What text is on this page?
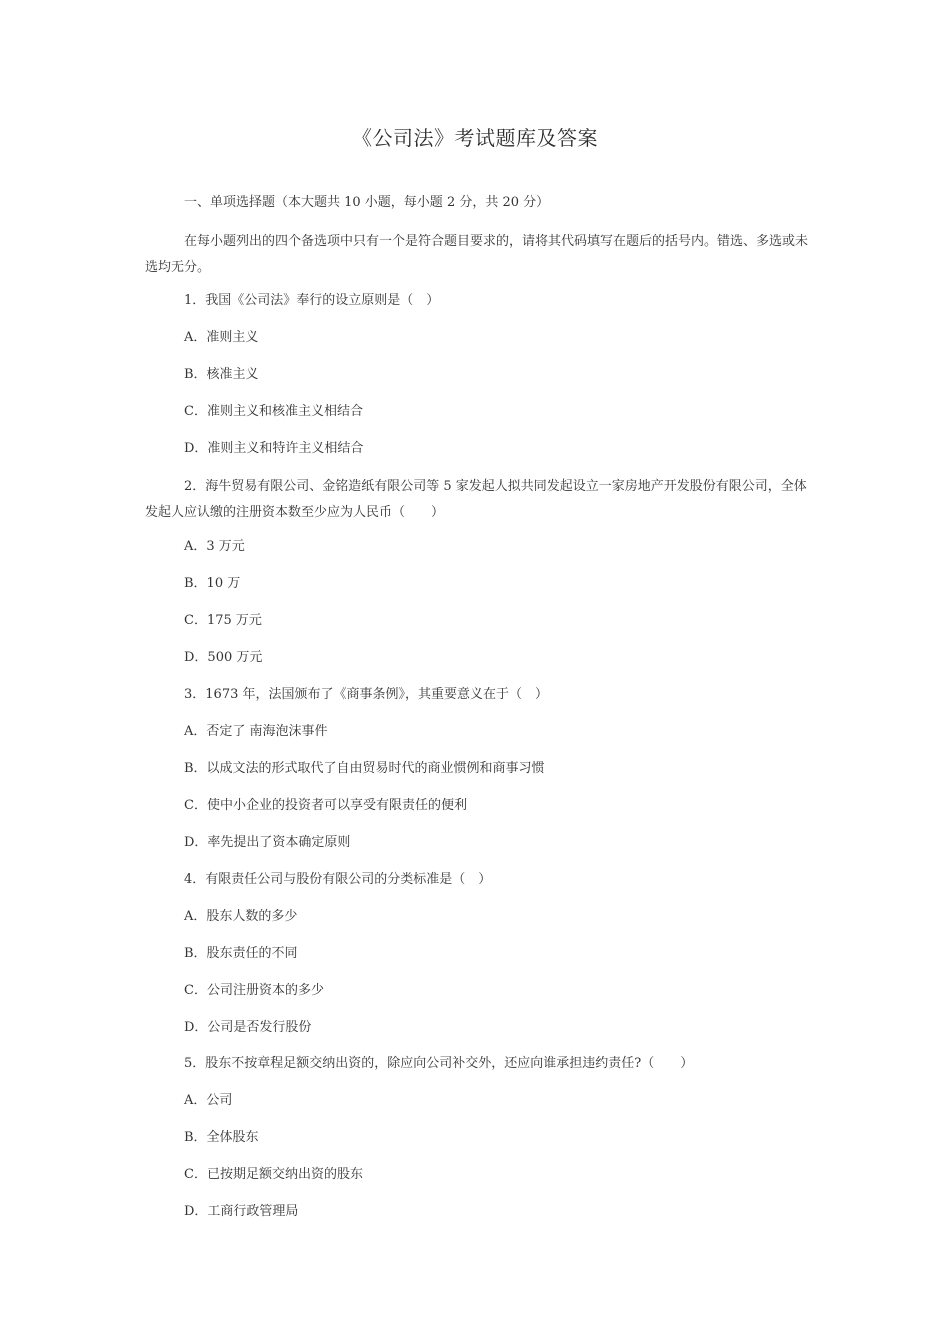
《公司法》考试题库及答案
一、单项选择题（本大题共 10 小题，每小题 2 分，共 20 分）

在每小题列出的四个备选项中只有一个是符合题目要求的，请将其代码填写在题后的括号内。错选、多选或未选均无分。

1．我国《公司法》奉行的设立原则是（　）
A．准则主义
B．核准主义
C．准则主义和核准主义相结合
D．准则主义和特许主义相结合

2．海牛贸易有限公司、金铭造纸有限公司等 5 家发起人拟共同发起设立一家房地产开发股份有限公司，全体发起人应认缴的注册资本数至少应为人民币（　　）

A．3 万元
B．10 万
C．175 万元
D．500 万元
3．1673 年，法国颁布了《商事条例》，其重要意义在于（　）
A．否定了 南海泡沫事件
B．以成文法的形式取代了自由贸易时代的商业惯例和商事习惯
C．使中小企业的投资者可以享受有限责任的便利
D．率先提出了资本确定原则
4．有限责任公司与股份有限公司的分类标准是（　）
A．股东人数的多少
B．股东责任的不同
C．公司注册资本的多少
D．公司是否发行股份
5．股东不按章程足额交纳出资的，除应向公司补交外，还应向谁承担违约责任?（　　）
A．公司
B．全体股东
C．已按期足额交纳出资的股东
D．工商行政管理局
